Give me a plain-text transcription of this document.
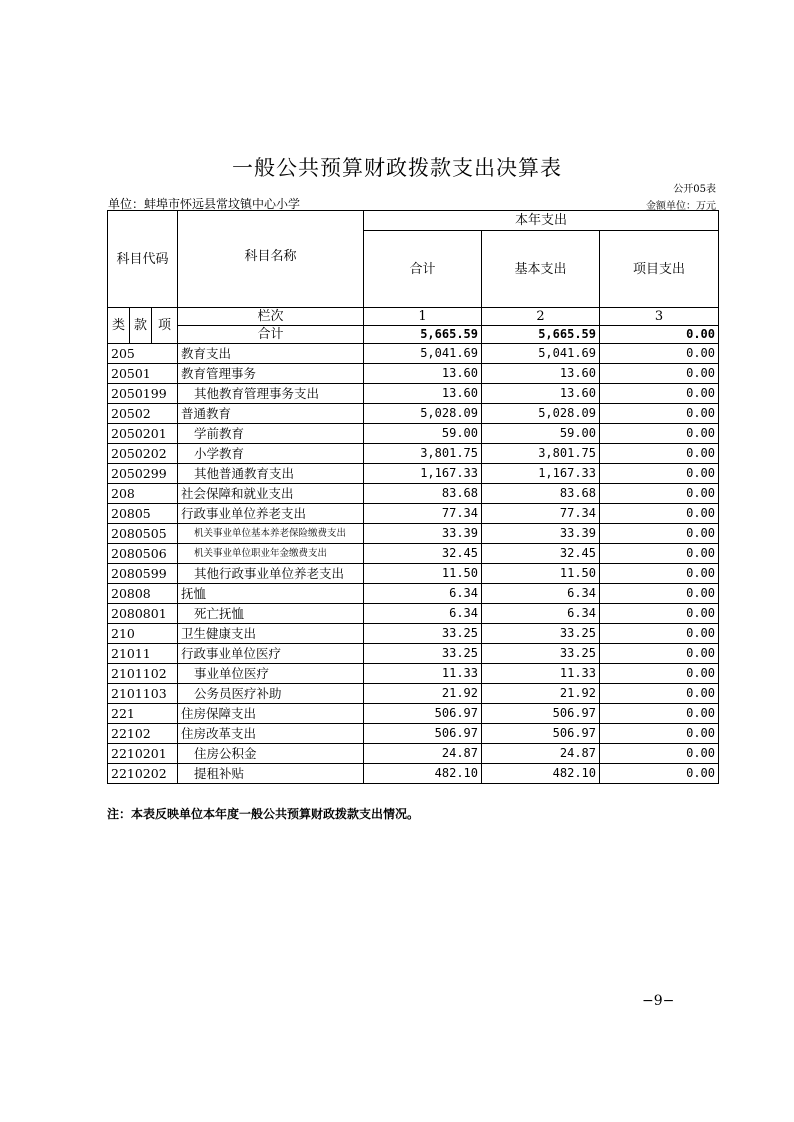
一般公共预算财政拨款支出决算表
公开05表
单位：蚌埠市怀远县常坟镇中心小学	金额单位：万元
科目代码			科目名称	本年支出		
				合计	基本支出	项目支出

类	款	项	栏次	1	2	3
			合计	5,665.59	5,665.59	0.00
205			教育支出	5,041.69	5,041.69	0.00
20501			教育管理事务	13.60	13.60	0.00
2050199			其他教育管理事务支出	13.60	13.60	0.00
20502			普通教育	5,028.09	5,028.09	0.00
2050201			学前教育	59.00	59.00	0.00
2050202			小学教育	3,801.75	3,801.75	0.00
2050299			其他普通教育支出	1,167.33	1,167.33	0.00
208			社会保障和就业支出	83.68	83.68	0.00
20805			行政事业单位养老支出	77.34	77.34	0.00
2080505			机关事业单位基本养老保险缴费支出	33.39	33.39	0.00
2080506			机关事业单位职业年金缴费支出	32.45	32.45	0.00
2080599			其他行政事业单位养老支出	11.50	11.50	0.00
20808			抚恤	6.34	6.34	0.00
2080801			死亡抚恤	6.34	6.34	0.00
210			卫生健康支出	33.25	33.25	0.00
21011			行政事业单位医疗	33.25	33.25	0.00
2101102			事业单位医疗	11.33	11.33	0.00
2101103			公务员医疗补助	21.92	21.92	0.00
221			住房保障支出	506.97	506.97	0.00
22102			住房改革支出	506.97	506.97	0.00
2210201			住房公积金	24.87	24.87	0.00
2210202			提租补贴	482.10	482.10	0.00
注：本表反映单位本年度一般公共预算财政拨款支出情况。
−9−
